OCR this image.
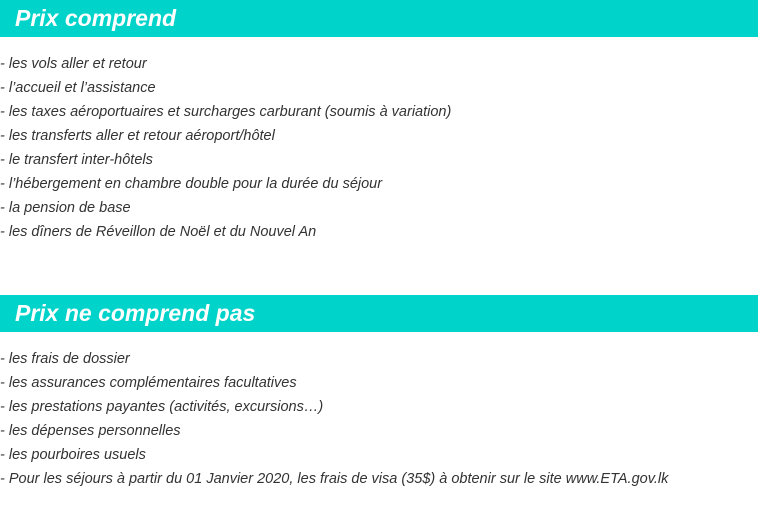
Prix comprend
- les vols aller et retour
- l’accueil et l’assistance
- les taxes aéroportuaires et surcharges carburant (soumis à variation)
- les transferts aller et retour aéroport/hôtel
- le transfert inter-hôtels
- l’hébergement en chambre double pour la durée du séjour
- la pension de base
- les dîners de Réveillon de Noël et du Nouvel An
Prix ne comprend pas
- les frais de dossier
- les assurances complémentaires facultatives
- les prestations payantes (activités, excursions…)
- les dépenses personnelles
- les pourboires usuels
- Pour les séjours à partir du 01 Janvier 2020, les frais de visa (35$) à obtenir sur le site www.ETA.gov.lk
